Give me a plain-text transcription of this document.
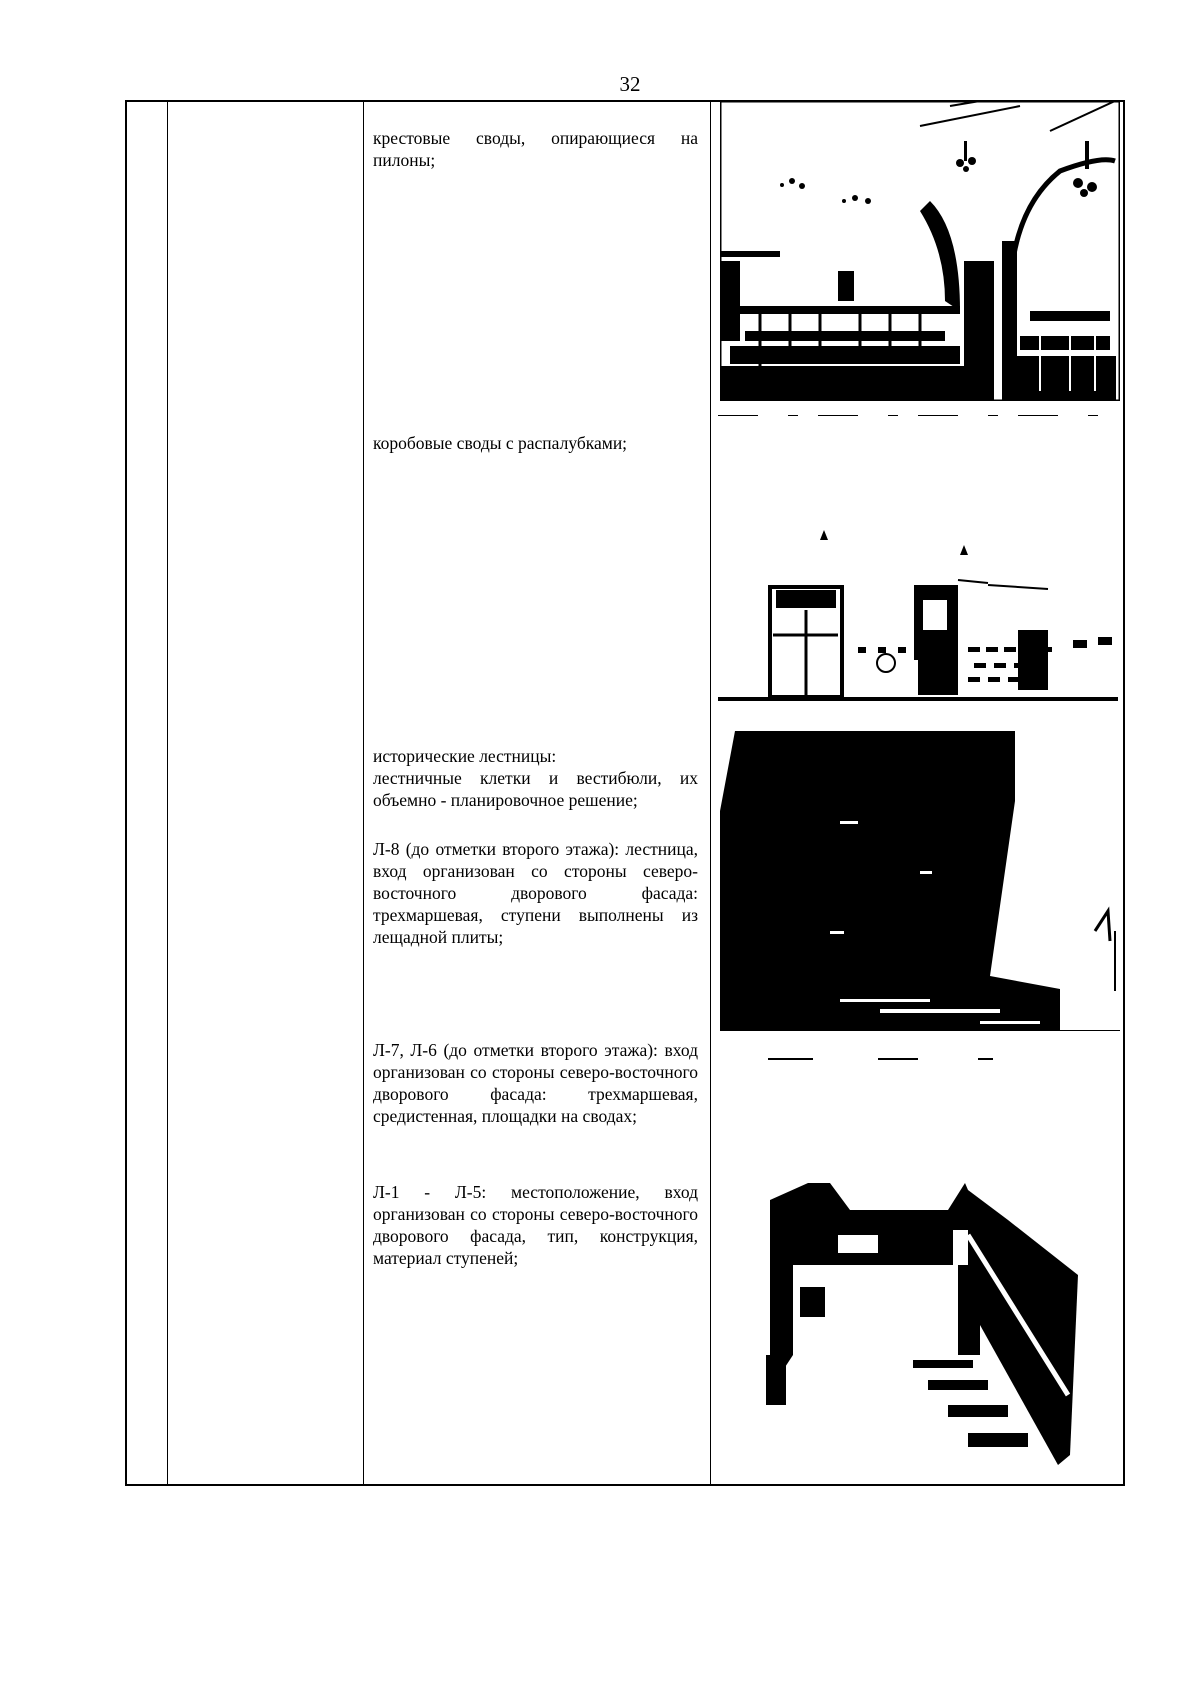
32

крестовые своды, опирающиеся на пилоны;

коробовые своды с распалубками;

исторические лестницы:

лестничные клетки и вестибюли, их объемно - планировочное решение;

Л-8 (до отметки второго этажа): лестница, вход организован со стороны северо-восточного дворового фасада: трехмаршевая, ступени выполнены из лещадной плиты;

Л-7, Л-6 (до отметки второго этажа): вход организован со стороны северо-восточного дворового фасада: трехмаршевая, средистенная, площадки на сводах;

Л-1 - Л-5: местоположение, вход организован со стороны северо-восточного дворового фасада, тип, конструкция, материал ступеней;
